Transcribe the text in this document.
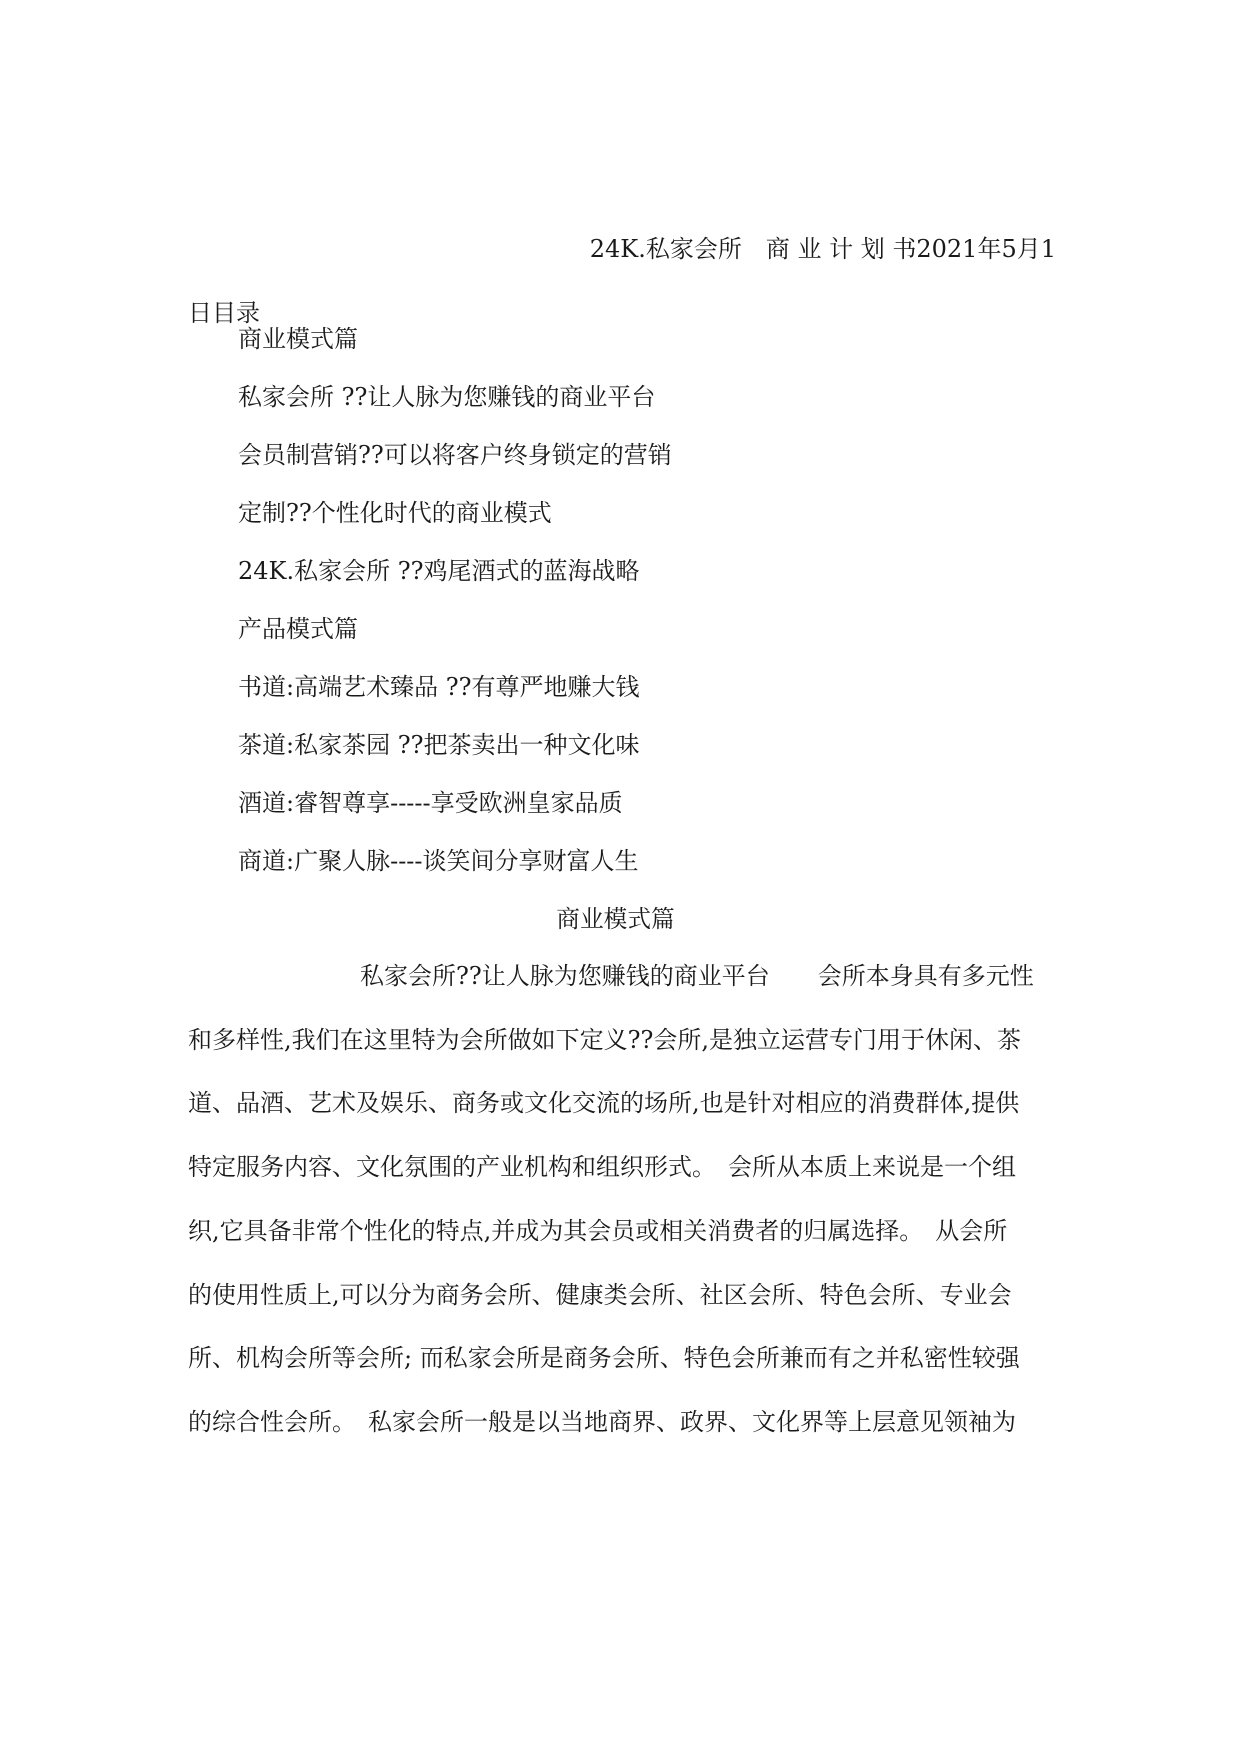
24K.私家会所　商 业 计 划 书2021年5月1
日目录
商业模式篇
私家会所 ??让人脉为您赚钱的商业平台
会员制营销??可以将客户终身锁定的营销
定制??个性化时代的商业模式
24K.私家会所 ??鸡尾酒式的蓝海战略
产品模式篇
书道:高端艺术臻品 ??有尊严地赚大钱
茶道:私家茶园 ??把茶卖出一种文化味
酒道:睿智尊享-----享受欧洲皇家品质
商道:广聚人脉----谈笑间分享财富人生
商业模式篇
私家会所??让人脉为您赚钱的商业平台　　会所本身具有多元性
和多样性,我们在这里特为会所做如下定义??会所,是独立运营专门用于休闲、茶
道、品酒、艺术及娱乐、商务或文化交流的场所,也是针对相应的消费群体,提供
特定服务内容、文化氛围的产业机构和组织形式。　会所从本质上来说是一个组
织,它具备非常个性化的特点,并成为其会员或相关消费者的归属选择。　从会所
的使用性质上,可以分为商务会所、健康类会所、社区会所、特色会所、专业会
所、机构会所等会所; 而私家会所是商务会所、特色会所兼而有之并私密性较强
的综合性会所。　私家会所一般是以当地商界、政界、文化界等上层意见领袖为
